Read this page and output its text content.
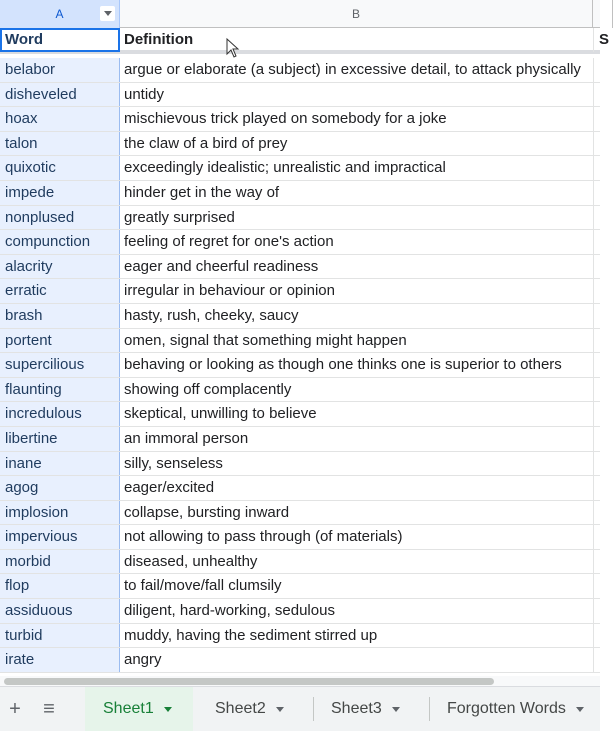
A	B
Word	Definition	S
belabor	argue or elaborate (a subject) in excessive detail, to attack physically
disheveled	untidy
hoax	mischievous trick played on somebody for a joke
talon	the claw of a bird of prey
quixotic	exceedingly idealistic; unrealistic and impractical
impede	hinder get in the way of
nonplused	greatly surprised
compunction	feeling of regret for one's action
alacrity	eager and cheerful readiness
erratic	irregular in behaviour or opinion
brash	hasty, rush, cheeky, saucy
portent	omen, signal that something might happen
supercilious	behaving or looking as though one thinks one is superior to others
flaunting	showing off complacently
incredulous	skeptical, unwilling to believe
libertine	an immoral person
inane	silly, senseless
agog	eager/excited
implosion	collapse, bursting inward
impervious	not allowing to pass through (of materials)
morbid	diseased, unhealthy
flop	to fail/move/fall clumsily
assiduous	diligent, hard-working, sedulous
turbid	muddy, having the sediment stirred up
irate	angry
+	≡	Sheet1	Sheet2	Sheet3	Forgotten Words
